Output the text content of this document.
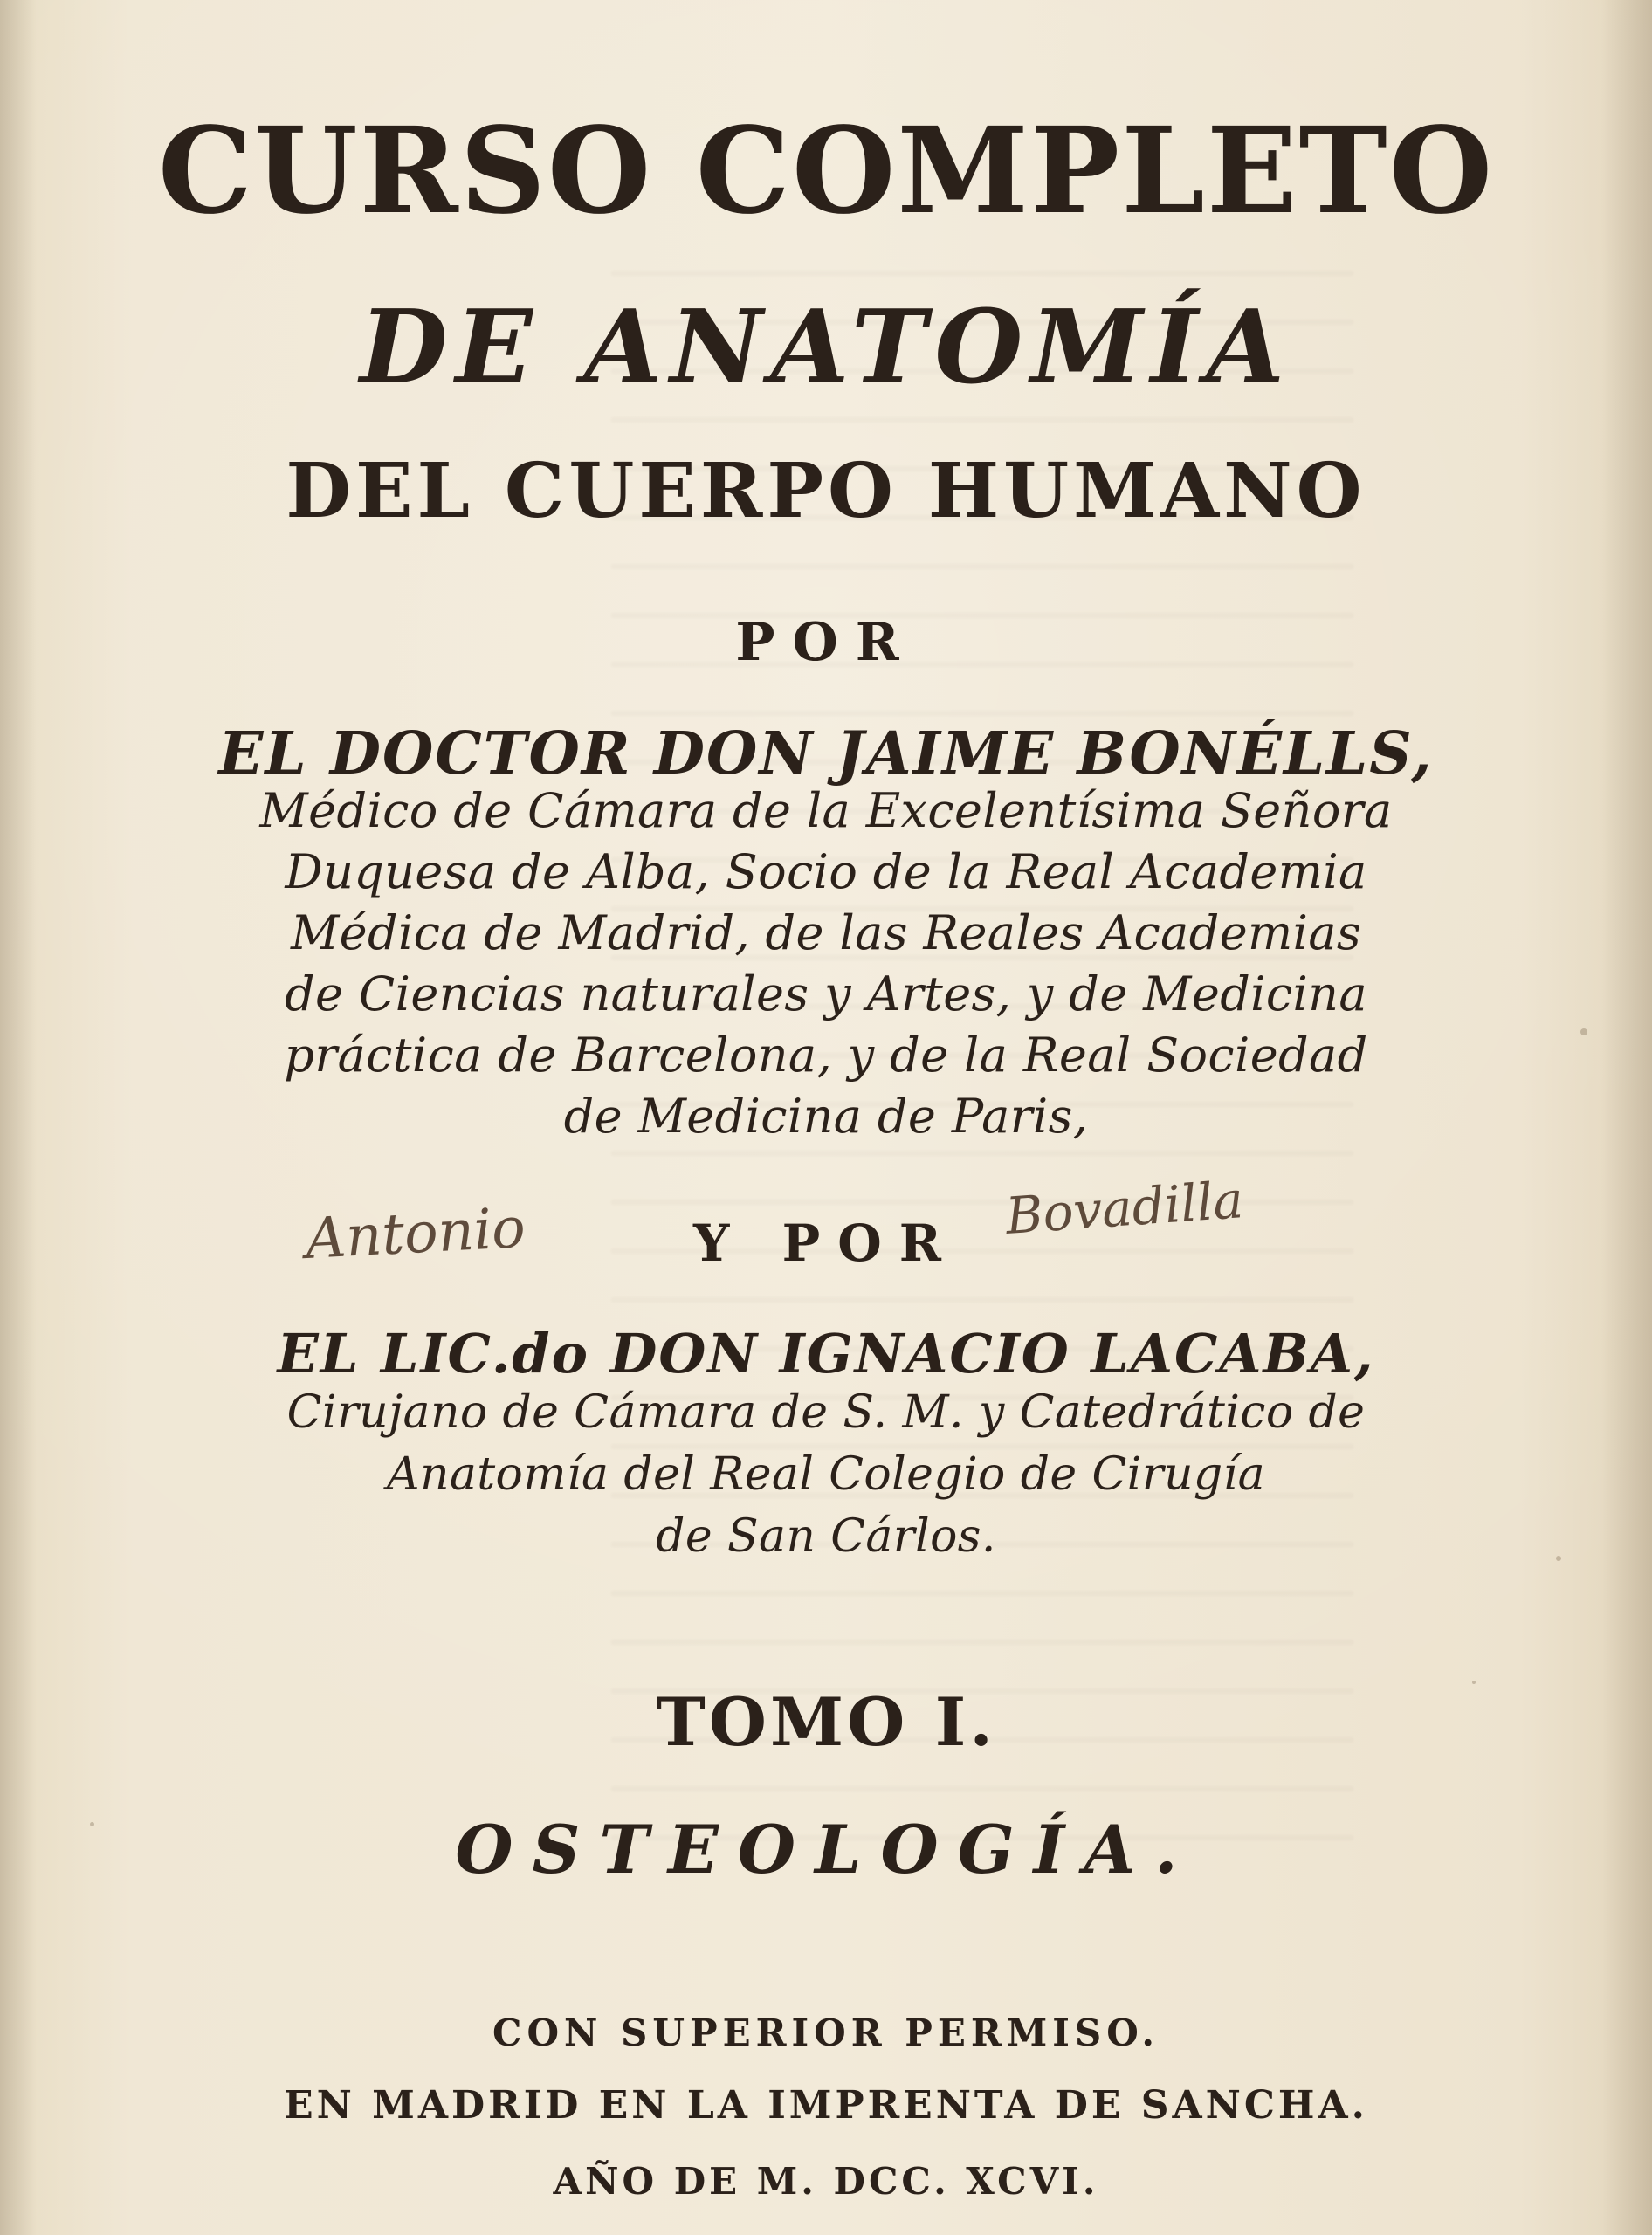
CURSO COMPLETO

DE ANATOMÍA

DEL CUERPO HUMANO

POR

EL DOCTOR DON JAIME BONÉLLS,

Médico de Cámara de la Excelentísima Señora

Duquesa de Alba, Socio de la Real Academia

Médica de Madrid, de las Reales Academias

de Ciencias naturales y Artes, y de Medicina

práctica de Barcelona, y de la Real Sociedad

de Medicina de Paris,

Antonio	Y POR Bovadilla

EL LIC.do DON IGNACIO LACABA,

Cirujano de Cámara de S. M. y Catedrático de

Anatomía del Real Colegio de Cirugía

de San Cárlos.

TOMO I.

OSTEOLOGÍA.

CON SUPERIOR PERMISO.

EN MADRID EN LA IMPRENTA DE SANCHA.

AÑO DE M. DCC. XCVI.
